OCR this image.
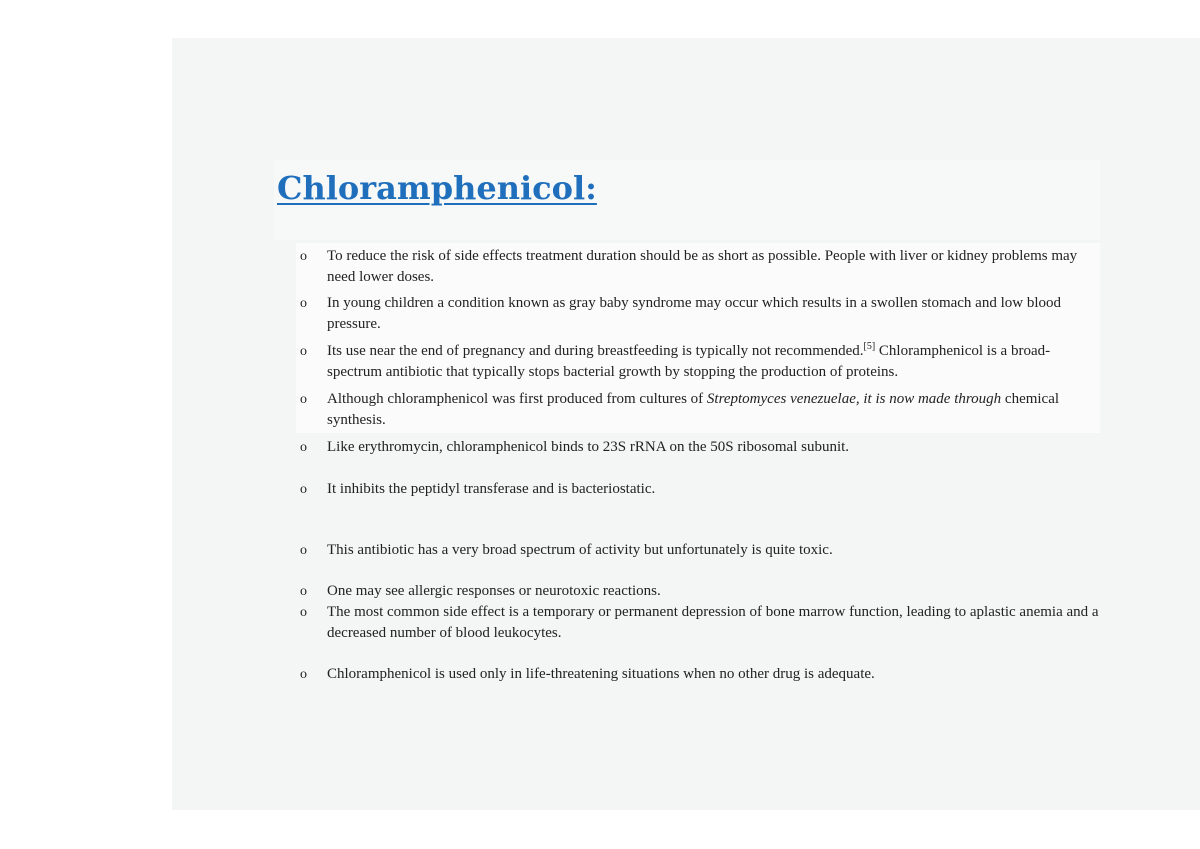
Chloramphenicol:
o	To reduce the risk of side effects treatment duration should be as short as possible. People with liver or kidney problems may need lower doses.
o	In young children a condition known as gray baby syndrome may occur which results in a swollen stomach and low blood pressure.
o	Its use near the end of pregnancy and during breastfeeding is typically not recommended.[5] Chloramphenicol is a broad-spectrum antibiotic that typically stops bacterial growth by stopping the production of proteins.
o	Although chloramphenicol was first produced from cultures of Streptomyces venezuelae, it is now made through chemical synthesis.
o	Like erythromycin, chloramphenicol binds to 23S rRNA on the 50S ribosomal subunit.
o	It inhibits the peptidyl transferase and is bacteriostatic.
o	This antibiotic has a very broad spectrum of activity but unfortunately is quite toxic.
o	One may see allergic responses or neurotoxic reactions.
o	The most common side effect is a temporary or permanent depression of bone marrow function, leading to aplastic anemia and a decreased number of blood leukocytes.
o	Chloramphenicol is used only in life-threatening situations when no other drug is adequate.
